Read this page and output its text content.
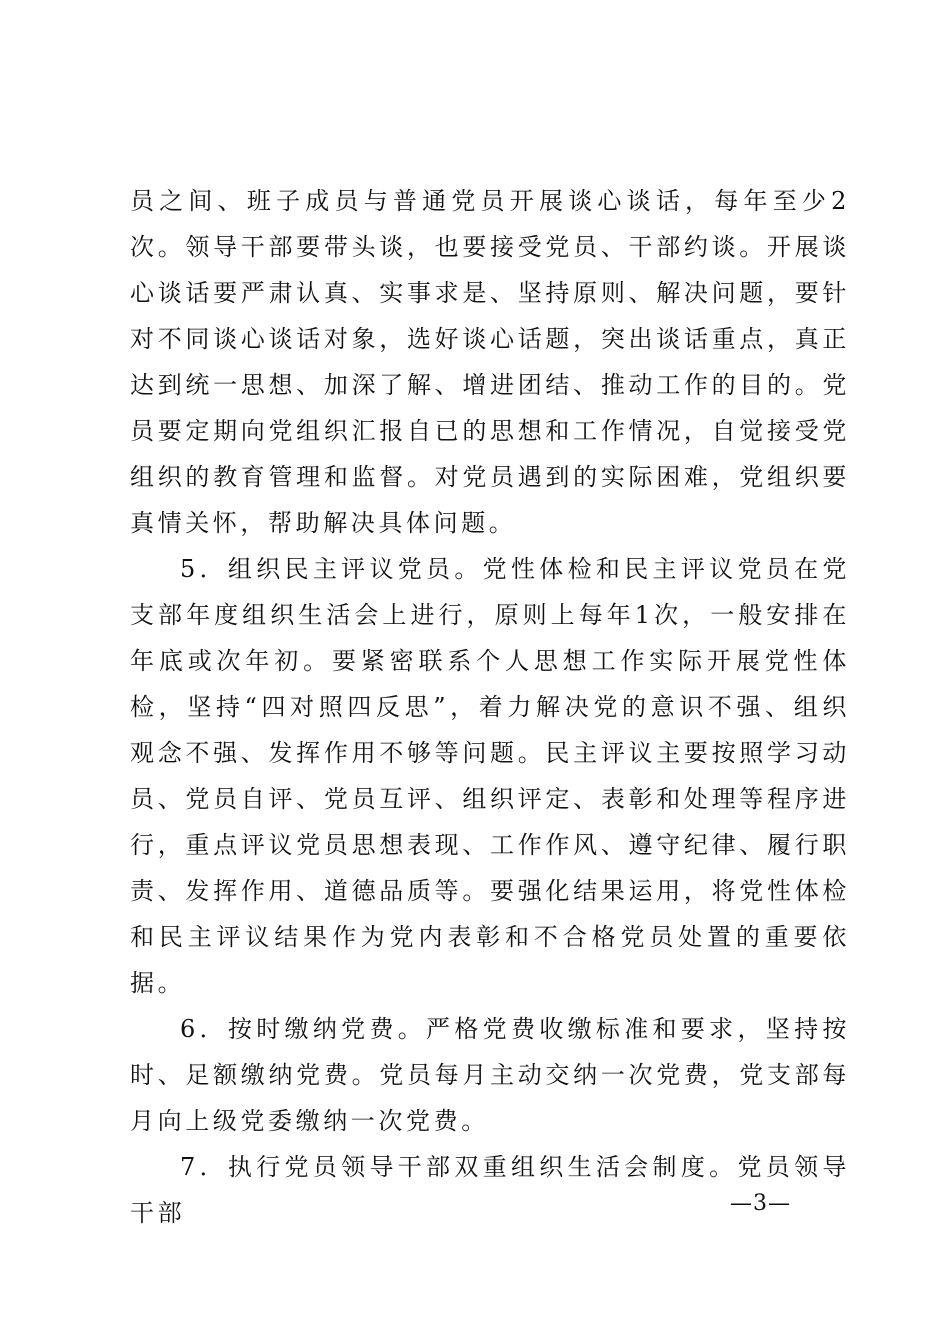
员之间、班子成员与普通党员开展谈心谈话，每年至少2次。领导干部要带头谈，也要接受党员、干部约谈。开展谈心谈话要严肃认真、实事求是、坚持原则、解决问题，要针对不同谈心谈话对象，选好谈心话题，突出谈话重点，真正达到统一思想、加深了解、增进团结、推动工作的目的。党员要定期向党组织汇报自已的思想和工作情况，自觉接受党组织的教育管理和监督。对党员遇到的实际困难，党组织要真情关怀，帮助解决具体问题。

5．组织民主评议党员。党性体检和民主评议党员在党支部年度组织生活会上进行，原则上每年1次，一般安排在年底或次年初。要紧密联系个人思想工作实际开展党性体检，坚持“四对照四反思”，着力解决党的意识不强、组织观念不强、发挥作用不够等问题。民主评议主要按照学习动员、党员自评、党员互评、组织评定、表彰和处理等程序进行，重点评议党员思想表现、工作作风、遵守纪律、履行职责、发挥作用、道德品质等。要强化结果运用，将党性体检和民主评议结果作为党内表彰和不合格党员处置的重要依据。

6．按时缴纳党费。严格党费收缴标准和要求，坚持按时、足额缴纳党费。党员每月主动交纳一次党费，党支部每月向上级党委缴纳一次党费。

7．执行党员领导干部双重组织生活会制度。党员领导干部	—3—
